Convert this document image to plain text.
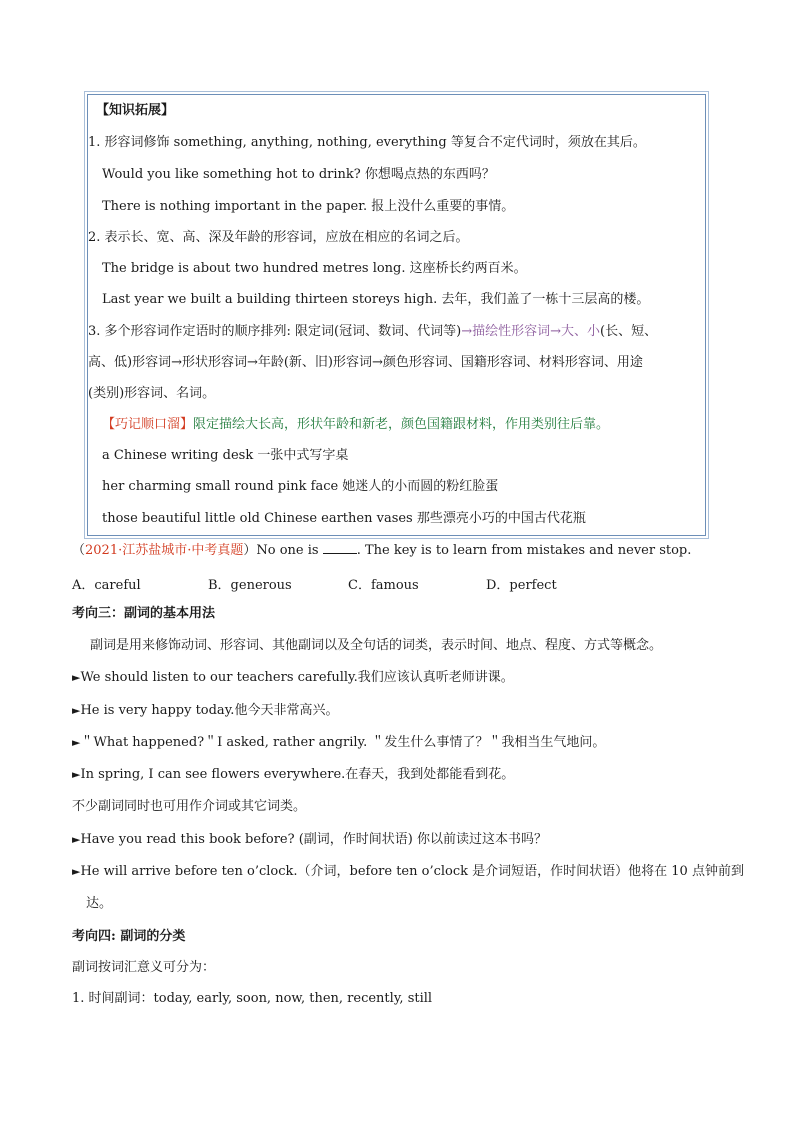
【知识拓展】
1. 形容词修饰 something, anything, nothing, everything 等复合不定代词时，须放在其后。
Would you like something hot to drink? 你想喝点热的东西吗？
There is nothing important in the paper. 报上没什么重要的事情。
2. 表示长、宽、高、深及年龄的形容词，应放在相应的名词之后。
The bridge is about two hundred metres long. 这座桥长约两百米。
Last year we built a building thirteen storeys high. 去年，我们盖了一栋十三层高的楼。
3. 多个形容词作定语时的顺序排列: 限定词(冠词、数词、代词等)→描绘性形容词→大、小(长、短、
高、低)形容词→形状形容词→年龄(新、旧)形容词→颜色形容词、国籍形容词、材料形容词、用途
(类别)形容词、名词。
【巧记顺口溜】限定描绘大长高，形状年龄和新老，颜色国籍跟材料，作用类别往后靠。
a Chinese writing desk 一张中式写字桌
her charming small round pink face 她迷人的小而圆的粉红脸蛋
those beautiful little old Chinese earthen vases 那些漂亮小巧的中国古代花瓶
（2021·江苏盐城市·中考真题）No one is	. The key is to learn from mistakes and never stop.
A．careful	B．generous	C．famous	D．perfect
考向三：副词的基本用法
副词是用来修饰动词、形容词、其他副词以及全句话的词类，表示时间、地点、程度、方式等概念。
►We should listen to our teachers carefully.我们应该认真听老师讲课。
►He is very happy today.他今天非常高兴。
►＂What happened?＂I asked, rather angrily. ＂发生什么事情了？＂我相当生气地问。
►In spring, I can see flowers everywhere.在春天，我到处都能看到花。
不少副词同时也可用作介词或其它词类。
►Have you read this book before? (副词，作时间状语) 你以前读过这本书吗？
►He will arrive before ten o’clock.（介词，before ten o’clock 是介词短语，作时间状语）他将在 10 点钟前到
达。
考向四: 副词的分类
副词按词汇意义可分为：
1. 时间副词：today, early, soon, now, then, recently, still
